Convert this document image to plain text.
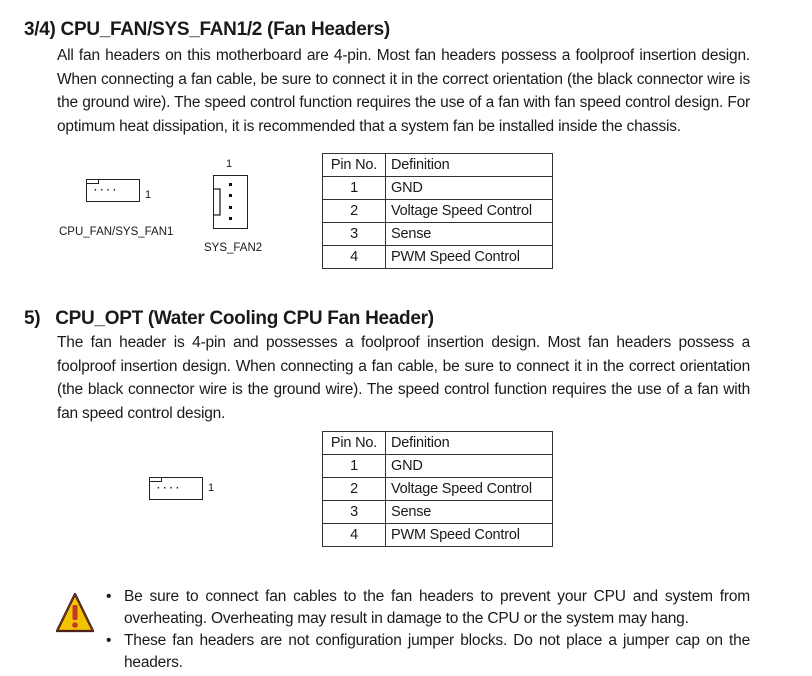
3/4) CPU_FAN/SYS_FAN1/2 (Fan Headers)
All fan headers on this motherboard are 4-pin. Most fan headers possess a foolproof insertion design. When connecting a fan cable, be sure to connect it in the correct orientation (the black connector wire is the ground wire). The speed control function requires the use of a fan with fan speed control design. For optimum heat dissipation, it is recommended that a system fan be installed inside the chassis.
···· 1
CPU_FAN/SYS_FAN1
1
SYS_FAN2
Pin No.	Definition
1	GND
2	Voltage Speed Control
3	Sense
4	PWM Speed Control
5)   CPU_OPT (Water Cooling CPU Fan Header)
The fan header is 4-pin and possesses a foolproof insertion design. Most fan headers possess a foolproof insertion design. When connecting a fan cable, be sure to connect it in the correct orientation (the black connector wire is the ground wire). The speed control function requires the use of a fan with fan speed control design.
···· 1
Pin No.	Definition
1	GND
2	Voltage Speed Control
3	Sense
4	PWM Speed Control
• Be sure to connect fan cables to the fan headers to prevent your CPU and system from overheating. Overheating may result in damage to the CPU or the system may hang.
• These fan headers are not configuration jumper blocks. Do not place a jumper cap on the headers.
